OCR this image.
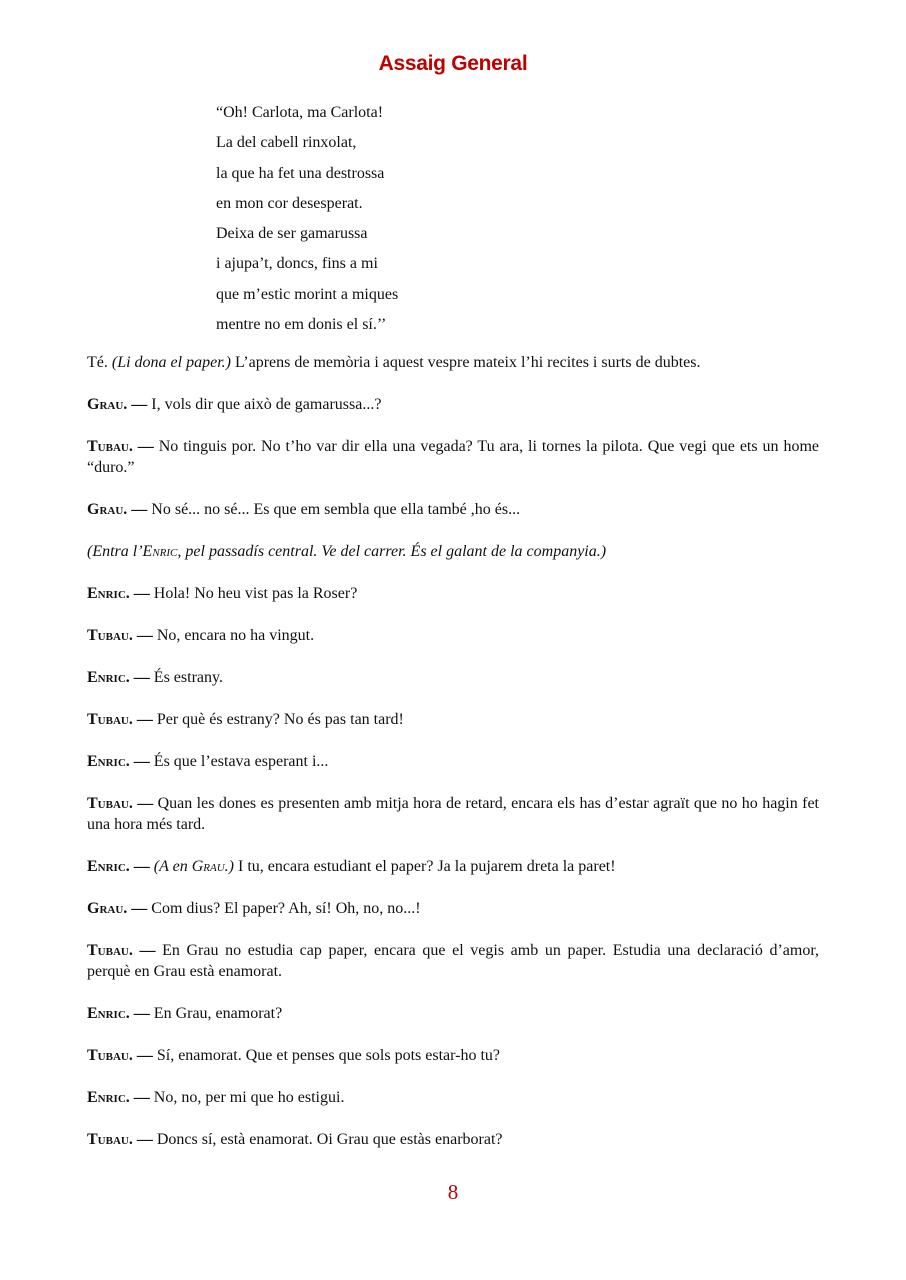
Assaig General
“Oh! Carlota, ma Carlota!
La del cabell rinxolat,
la que ha fet una destrossa
en mon cor desesperat.
Deixa de ser gamarussa
i ajupa’t, doncs, fins a mi
que m’estic morint a miques
mentre no em donis el sí.’’

Té. (Li dona el paper.) L’aprens de memòria i aquest vespre mateix l’hi recites i surts de dubtes.

Grau. — I, vols dir que això de gamarussa...?

Tubau. — No tinguis por. No t’ho var dir ella una vegada? Tu ara, li tornes la pilota. Que vegi que ets un home “duro.”

Grau. — No sé... no sé... Es que em sembla que ella també ,ho és...

(Entra l’Enric, pel passadís central. Ve del carrer. És el galant de la companyia.)

Enric. — Hola! No heu vist pas la Roser?

Tubau. — No, encara no ha vingut.

Enric. — És estrany.

Tubau. — Per què és estrany? No és pas tan tard!

Enric. — És que l’estava esperant i...

Tubau. — Quan les dones es presenten amb mitja hora de retard, encara els has d’estar agraït que no ho hagin fet una hora més tard.

Enric. — (A en Grau.) I tu, encara estudiant el paper? Ja la pujarem dreta la paret!

Grau. — Com dius? El paper? Ah, sí! Oh, no, no...!

Tubau. — En Grau no estudia cap paper, encara que el vegis amb un paper. Estudia una declaració d’amor, perquè en Grau està enamorat.

Enric. — En Grau, enamorat?

Tubau. — Sí, enamorat. Que et penses que sols pots estar-ho tu?

Enric. — No, no, per mi que ho estigui.

Tubau. — Doncs sí, està enamorat. Oi Grau que estàs enarborat?

8
